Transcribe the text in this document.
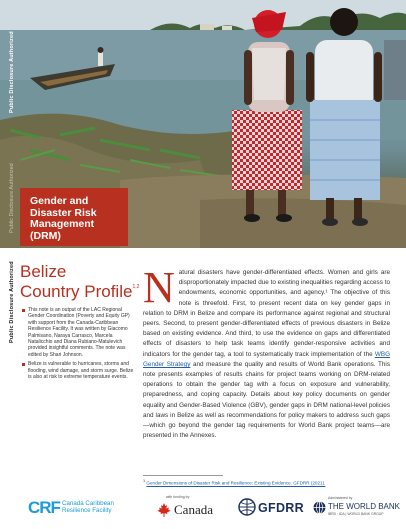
Gender and
Disaster Risk
Management
(DRM)
Public Disclosure Authorized
Public Disclosure Authorized
Public Disclosure Authorized Belize
Country Profile$^{1,2}$
This note is an output of the LAC Regional Gender Coordination (Poverty and Equity GP) with support from the Canada-Caribbean Resilience Facility. It was written by Giacomo Palmisano, Naraya Carrasco, Marcela Natalicchio and Diana Rubiano-Matulevich provided insightful comments. The note was edited by Shari Johnson.
Belize is vulnerable to hurricanes, storms and flooding, wind damage, and storm surge. Belize is also at risk to extreme temperature events.
Natural disasters have gender-differentiated effects. Women and girls are disproportionately impacted due to existing inequalities regarding access to endowments, economic opportunities, and agency.¹ The objective of this note is threefold. First, to present recent data on key gender gaps in relation to DRM in Belize and compare its performance against regional and structural peers. Second, to present gender-differentiated effects of previous disasters in Belize based on existing evidence. And third, to use the evidence on gaps and differentiated effects of disasters to help task teams identify gender-responsive activities and indicators for the gender tag, a tool to systematically track implementation of the WBG Gender Strategy and measure the quality and results of World Bank operations. This note presents examples of results chains for project teams working on DRM-related operations to obtain the gender tag with a focus on exposure and vulnerability, preparedness, and coping capacity. Details about key policy documents on gender equality and Gender-Based Violence (GBV), gender gaps in DRM national-level policies and laws in Belize as well as recommendations for policy makers to address such gaps—which go beyond the gender tag requirements for World Bank project teams—are presented in the Annexes.
$^1$ Gender Dimensions of Disaster Risk and Resilience: Existing Evidence. GFDRR (2021).
CRF Canada Caribbean
Resilience Facility
with funding by
Canada	GFDRR
Administered by
THE WORLD BANK
IBRD · IDA | WORLD BANK GROUP
